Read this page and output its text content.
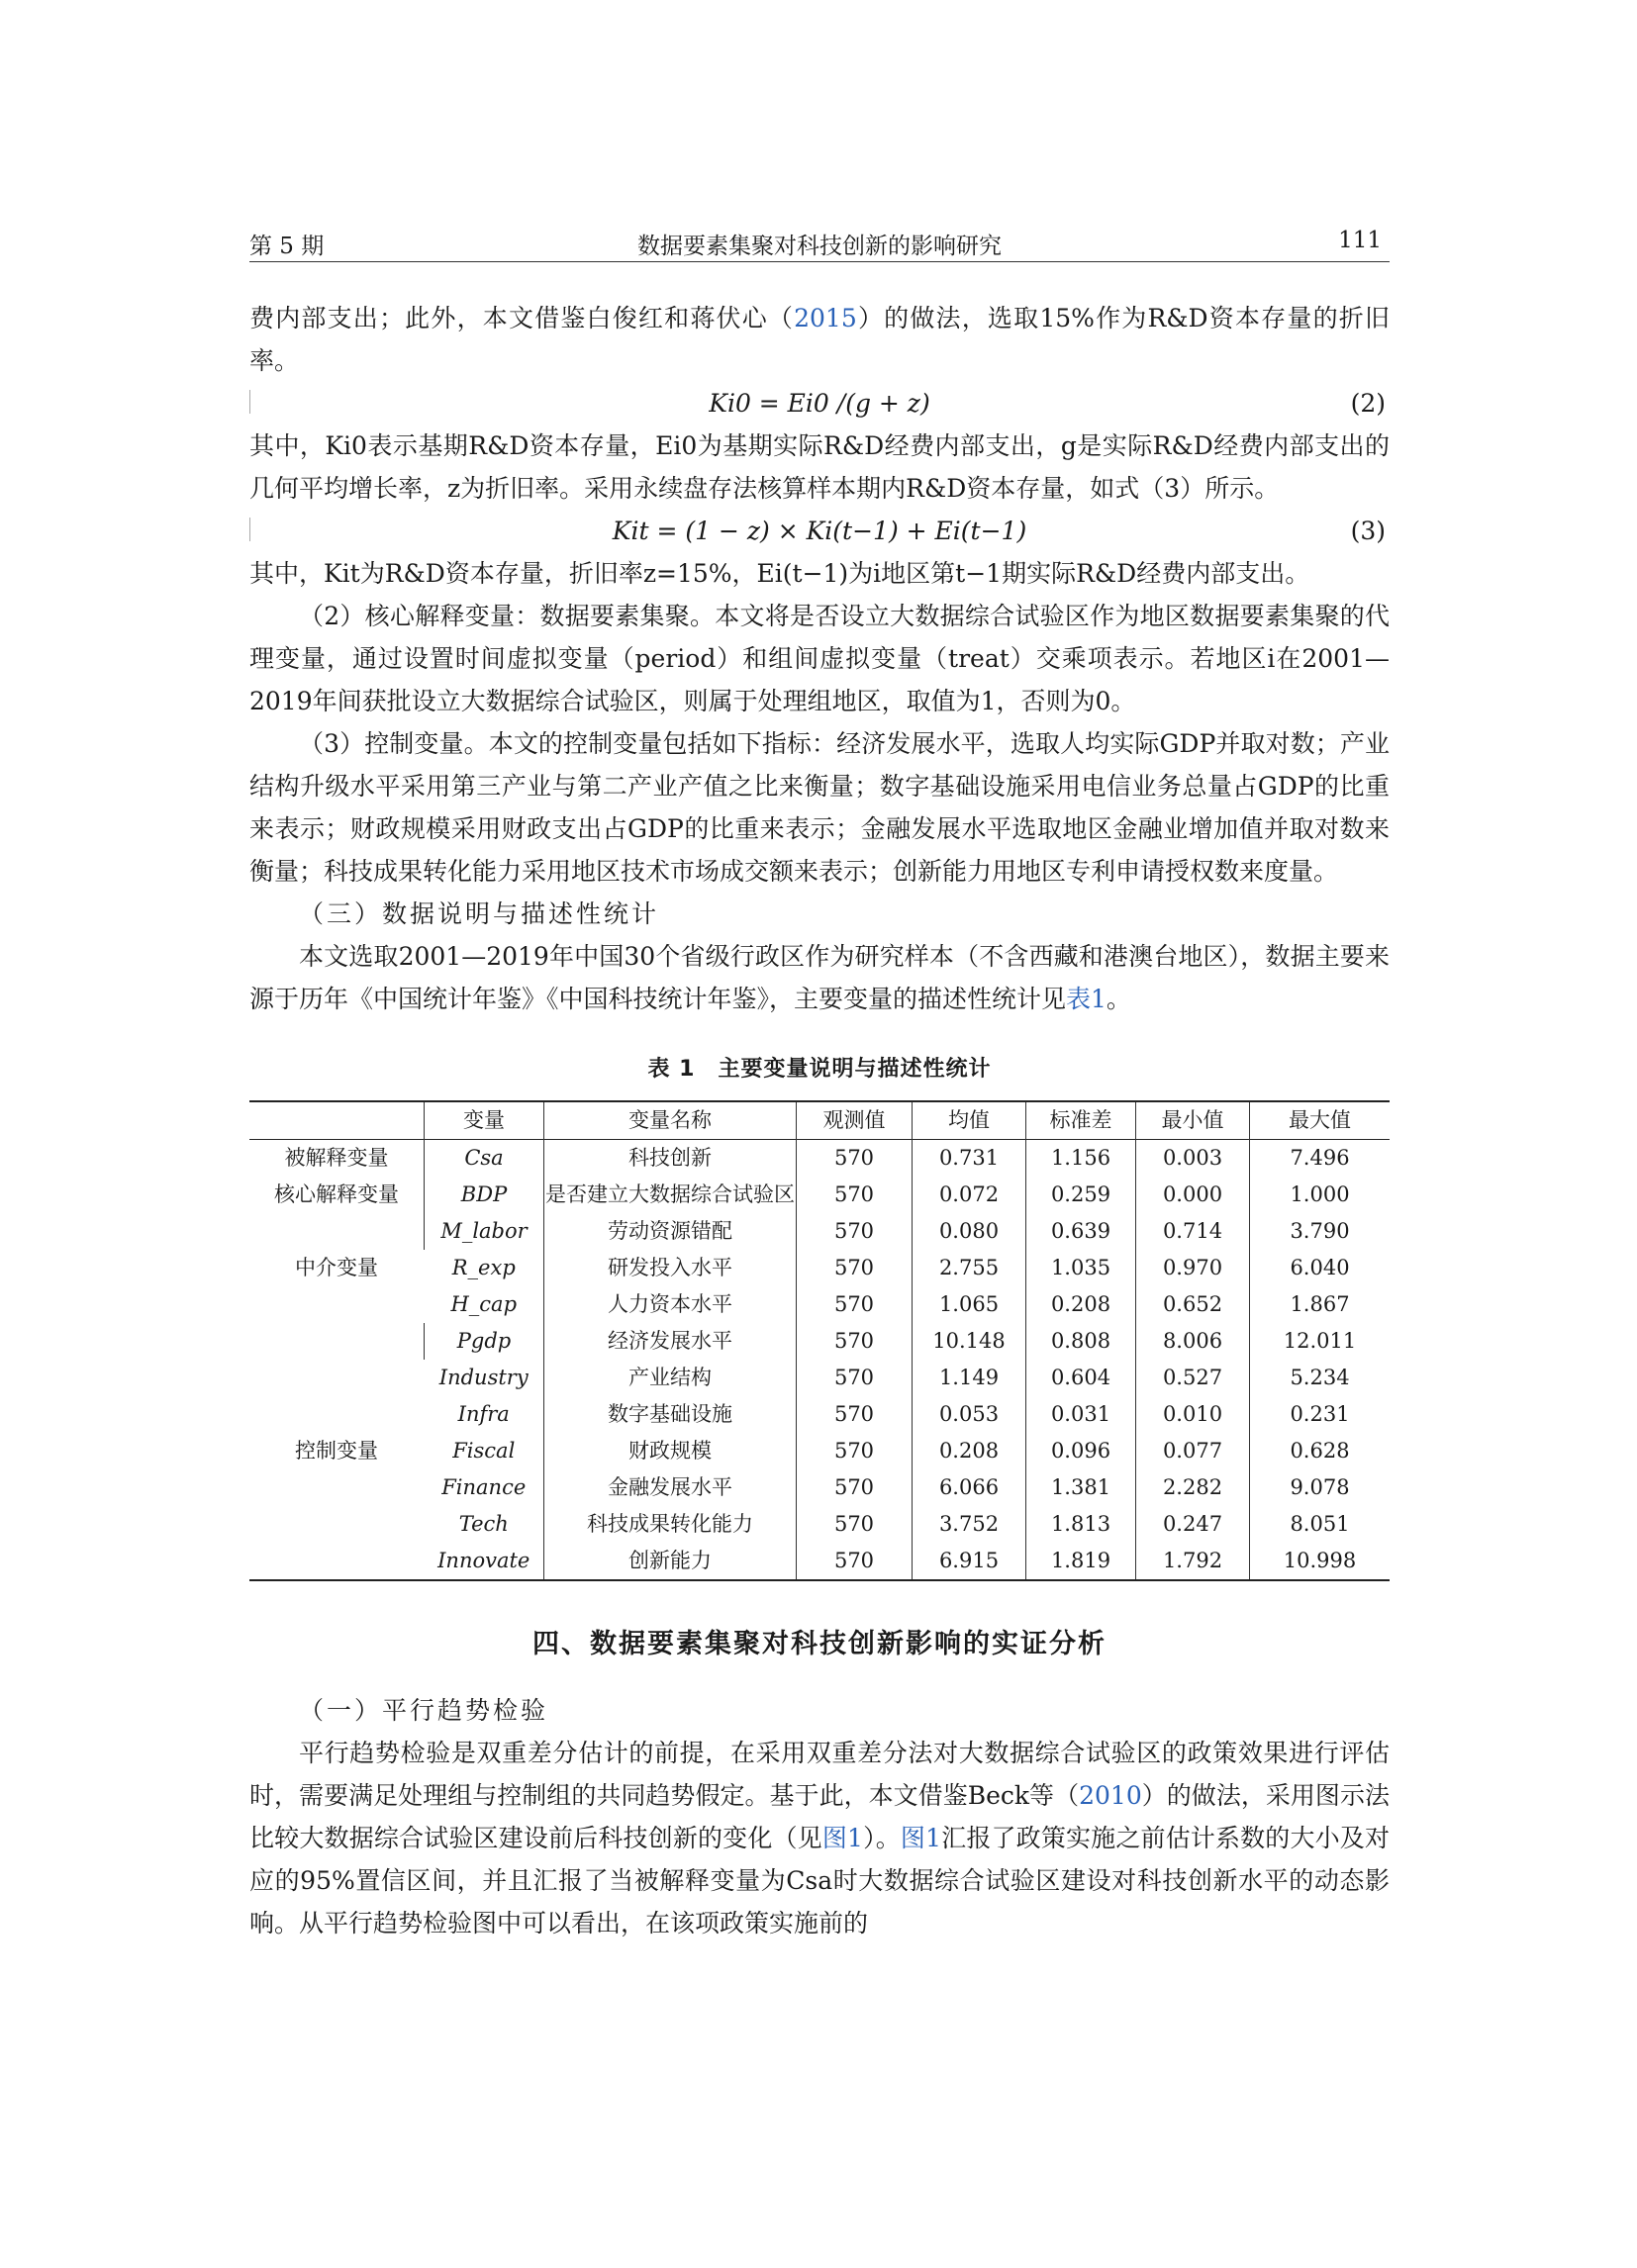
第 5 期	数据要素集聚对科技创新的影响研究	111

费内部支出；此外，本文借鉴白俊红和蒋伏心（2015）的做法，选取15%作为R&D资本存量的折旧率。

Ki0 = Ei0 /(g + z)	(2)

其中，Ki0表示基期R&D资本存量，Ei0为基期实际R&D经费内部支出，g是实际R&D经费内部支出的几何平均增长率，z为折旧率。采用永续盘存法核算样本期内R&D资本存量，如式（3）所示。

Kit = (1 − z) × Ki(t−1) + Ei(t−1)	(3)

其中，Kit为R&D资本存量，折旧率z=15%，Ei(t−1)为i地区第t−1期实际R&D经费内部支出。

（2）核心解释变量：数据要素集聚。本文将是否设立大数据综合试验区作为地区数据要素集聚的代理变量，通过设置时间虚拟变量（period）和组间虚拟变量（treat）交乘项表示。若地区i在2001—2019年间获批设立大数据综合试验区，则属于处理组地区，取值为1，否则为0。

（3）控制变量。本文的控制变量包括如下指标：经济发展水平，选取人均实际GDP并取对数；产业结构升级水平采用第三产业与第二产业产值之比来衡量；数字基础设施采用电信业务总量占GDP的比重来表示；财政规模采用财政支出占GDP的比重来表示；金融发展水平选取地区金融业增加值并取对数来衡量；科技成果转化能力采用地区技术市场成交额来表示；创新能力用地区专利申请授权数来度量。

（三）数据说明与描述性统计

本文选取2001—2019年中国30个省级行政区作为研究样本（不含西藏和港澳台地区），数据主要来源于历年《中国统计年鉴》《中国科技统计年鉴》，主要变量的描述性统计见表1。

表 1　主要变量说明与描述性统计
	变量	变量名称	观测值	均值	标准差	最小值	最大值
被解释变量	Csa	科技创新	570	0.731	1.156	0.003	7.496
核心解释变量	BDP	是否建立大数据综合试验区	570	0.072	0.259	0.000	1.000
中介变量	M_labor	劳动资源错配	570	0.080	0.639	0.714	3.790
	R_exp	研发投入水平	570	2.755	1.035	0.970	6.040
	H_cap	人力资本水平	570	1.065	0.208	0.652	1.867
控制变量	Pgdp	经济发展水平	570	10.148	0.808	8.006	12.011
	Industry	产业结构	570	1.149	0.604	0.527	5.234
	Infra	数字基础设施	570	0.053	0.031	0.010	0.231
	Fiscal	财政规模	570	0.208	0.096	0.077	0.628
	Finance	金融发展水平	570	6.066	1.381	2.282	9.078
	Tech	科技成果转化能力	570	3.752	1.813	0.247	8.051
	Innovate	创新能力	570	6.915	1.819	1.792	10.998
四、数据要素集聚对科技创新影响的实证分析

（一）平行趋势检验

平行趋势检验是双重差分估计的前提，在采用双重差分法对大数据综合试验区的政策效果进行评估时，需要满足处理组与控制组的共同趋势假定。基于此，本文借鉴Beck等（2010）的做法，采用图示法比较大数据综合试验区建设前后科技创新的变化（见图1）。图1汇报了政策实施之前估计系数的大小及对应的95%置信区间，并且汇报了当被解释变量为Csa时大数据综合试验区建设对科技创新水平的动态影响。从平行趋势检验图中可以看出，在该项政策实施前的
